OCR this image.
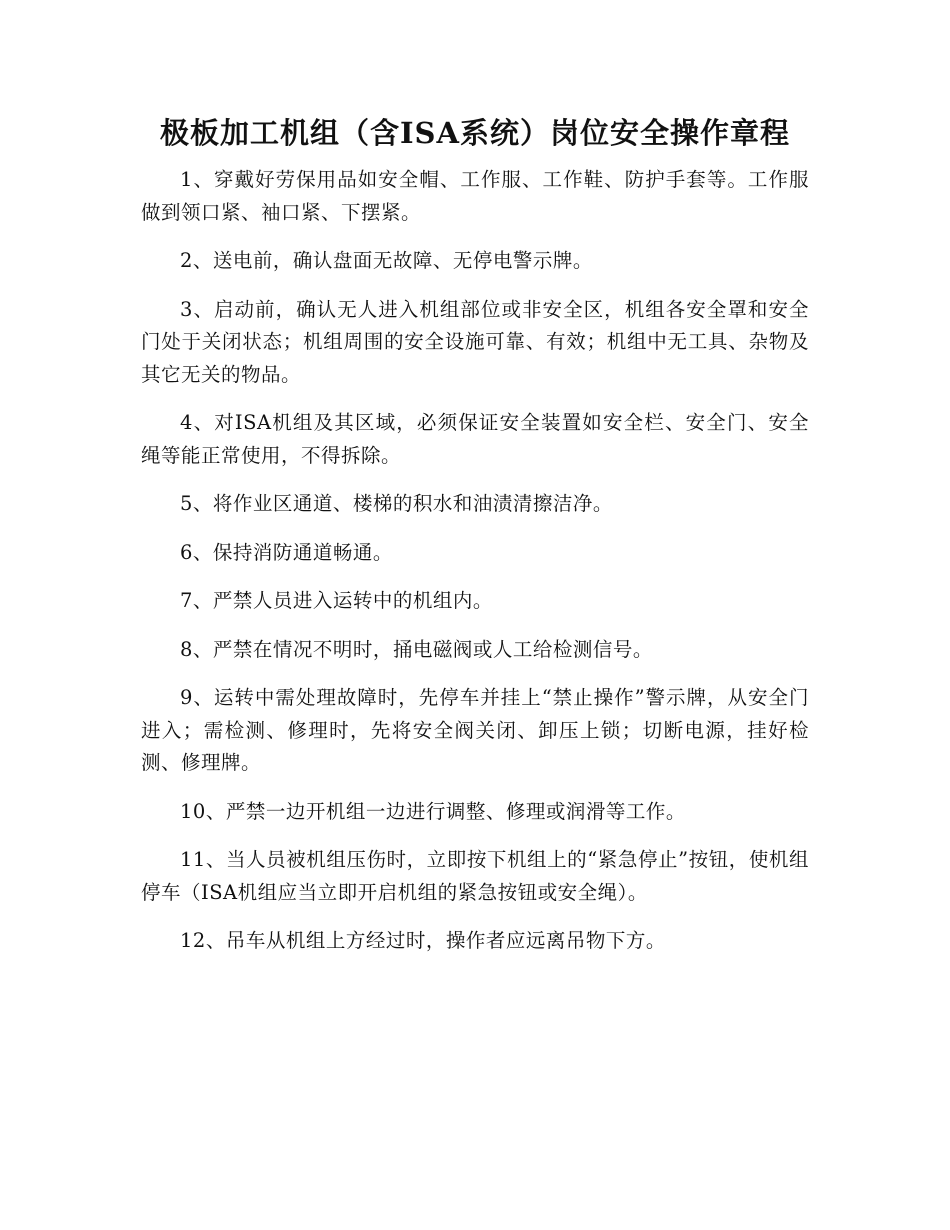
极板加工机组（含ISA系统）岗位安全操作章程

1、穿戴好劳保用品如安全帽、工作服、工作鞋、防护手套等。工作服做到领口紧、袖口紧、下摆紧。

2、送电前，确认盘面无故障、无停电警示牌。

3、启动前，确认无人进入机组部位或非安全区，机组各安全罩和安全门处于关闭状态；机组周围的安全设施可靠、有效；机组中无工具、杂物及其它无关的物品。

4、对ISA机组及其区域，必须保证安全装置如安全栏、安全门、安全绳等能正常使用，不得拆除。

5、将作业区通道、楼梯的积水和油渍清擦洁净。

6、保持消防通道畅通。

7、严禁人员进入运转中的机组内。

8、严禁在情况不明时，捅电磁阀或人工给检测信号。

9、运转中需处理故障时，先停车并挂上“禁止操作”警示牌，从安全门进入；需检测、修理时，先将安全阀关闭、卸压上锁；切断电源，挂好检测、修理牌。

10、严禁一边开机组一边进行调整、修理或润滑等工作。

11、当人员被机组压伤时，立即按下机组上的“紧急停止”按钮，使机组停车（ISA机组应当立即开启机组的紧急按钮或安全绳）。

12、吊车从机组上方经过时，操作者应远离吊物下方。
